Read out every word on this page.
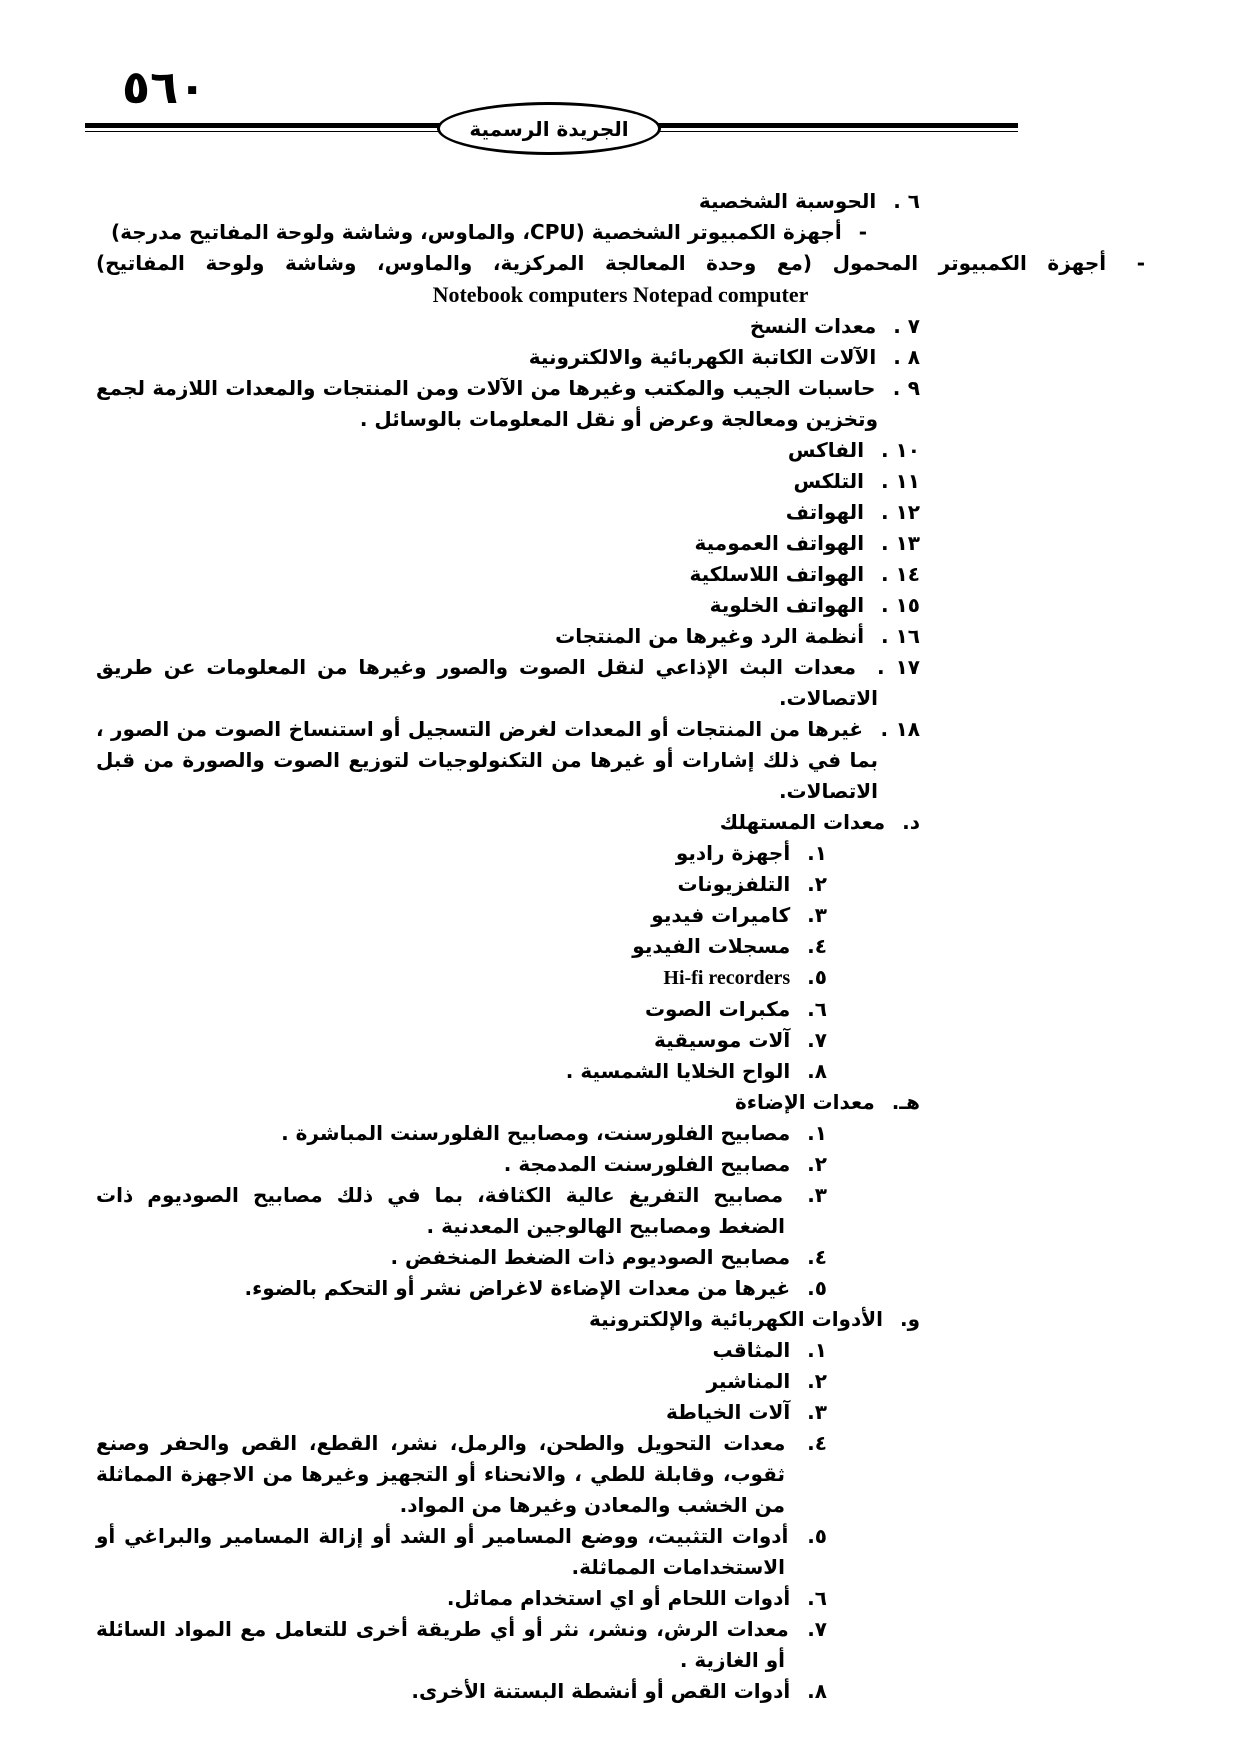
٥٦٠
الجريدة الرسمية
٦ . الحوسبة الشخصية
- أجهزة الكمبيوتر الشخصية (CPU، والماوس، وشاشة ولوحة المفاتيح مدرجة)
- أجهزة الكمبيوتر المحمول (مع وحدة المعالجة المركزية، والماوس، وشاشة ولوحة المفاتيح)
Notebook computers Notepad computer
٧ . معدات النسخ
٨ . الآلات الكاتبة الكهربائية والالكترونية
٩ . حاسبات الجيب والمكتب وغيرها من الآلات ومن المنتجات والمعدات اللازمة لجمع وتخزين ومعالجة وعرض أو نقل المعلومات بالوسائل .
١٠ . الفاكس
١١ . التلكس
١٢ . الهواتف
١٣ . الهواتف العمومية
١٤ . الهواتف اللاسلكية
١٥ . الهواتف الخلوية
١٦ . أنظمة الرد وغيرها من المنتجات
١٧ . معدات البث الإذاعي لنقل الصوت والصور وغيرها من المعلومات عن طريق الاتصالات.
١٨ . غيرها من المنتجات أو المعدات لغرض التسجيل أو استنساخ الصوت من الصور ، بما في ذلك إشارات أو غيرها من التكنولوجيات لتوزيع الصوت والصورة من قبل الاتصالات.
د. معدات المستهلك
١. أجهزة راديو
٢. التلفزيونات
٣. كاميرات فيديو
٤. مسجلات الفيديو
٥. Hi-fi recorders
٦. مكبرات الصوت
٧. آلات موسيقية
٨. الواح الخلايا الشمسية .
هـ. معدات الإضاءة
١. مصابيح الفلورسنت، ومصابيح الفلورسنت المباشرة .
٢. مصابيح الفلورسنت المدمجة .
٣. مصابيح التفريغ عالية الكثافة، بما في ذلك مصابيح الصوديوم ذات الضغط ومصابيح الهالوجين المعدنية .
٤. مصابيح الصوديوم ذات الضغط المنخفض .
٥. غيرها من معدات الإضاءة لاغراض نشر أو التحكم بالضوء.
و. الأدوات الكهربائية والإلكترونية
١. المثاقب
٢. المناشير
٣. آلات الخياطة
٤. معدات التحويل والطحن، والرمل، نشر، القطع، القص والحفر وصنع ثقوب، وقابلة للطي ، والانحناء أو التجهيز وغيرها من الاجهزة المماثلة من الخشب والمعادن وغيرها من المواد.
٥. أدوات التثبيت، ووضع المسامير أو الشد أو إزالة المسامير والبراغي أو الاستخدامات المماثلة.
٦. أدوات اللحام أو اي استخدام مماثل.
٧. معدات الرش، ونشر، نثر أو أي طريقة أخرى للتعامل مع المواد السائلة أو الغازية .
٨. أدوات القص أو أنشطة البستنة الأخرى.
